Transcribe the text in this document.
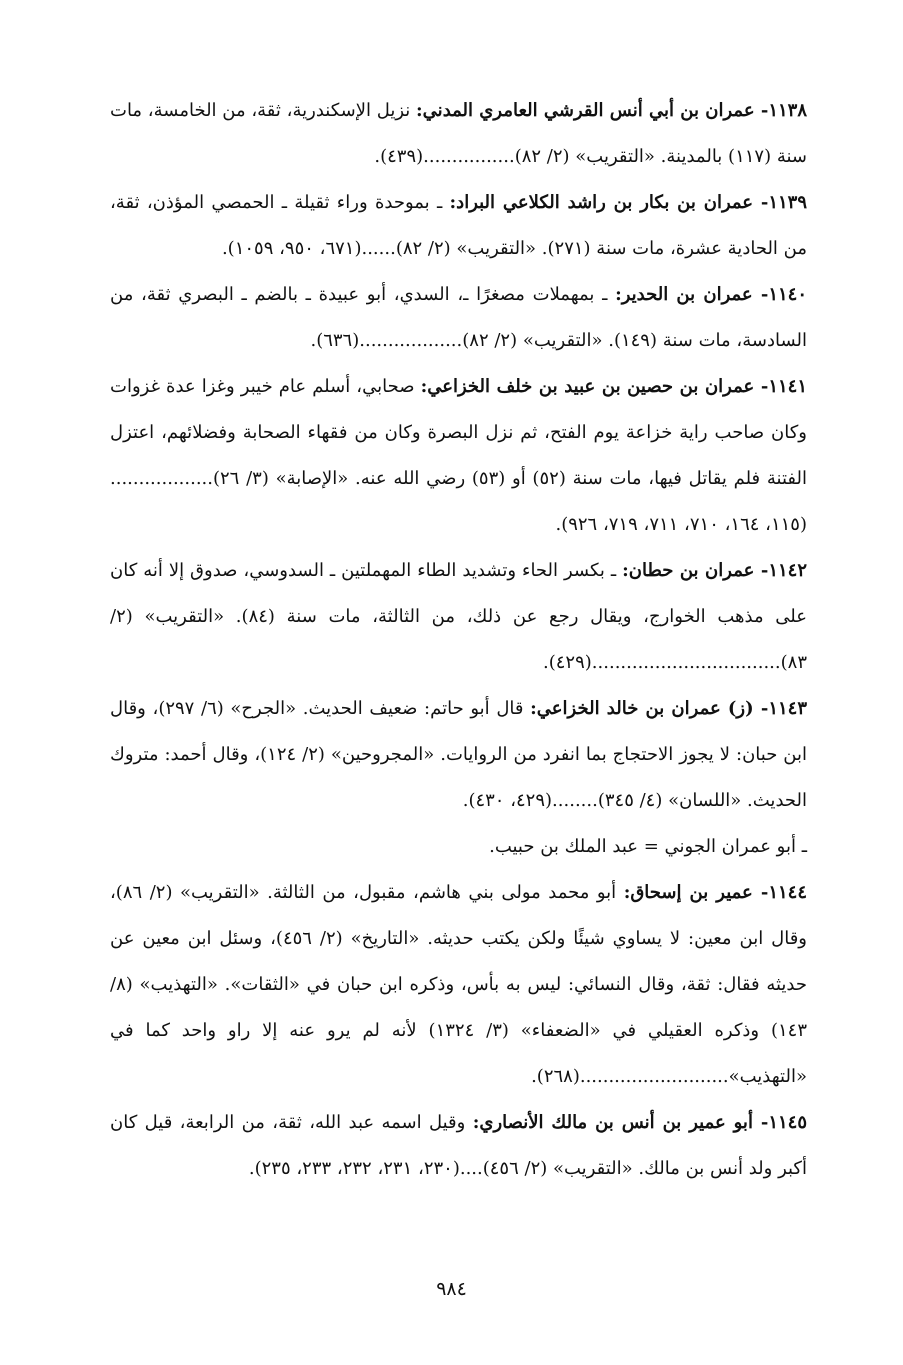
١١٣٨- عمران بن أبي أنس القرشي العامري المدني: نزيل الإسكندرية، ثقة، من الخامسة، مات سنة (١١٧) بالمدينة. «التقريب» (٢/ ٨٢)................(٤٣٩).

١١٣٩- عمران بن بكار بن راشد الكلاعي البراد: ـ بموحدة وراء ثقيلة ـ الحمصي المؤذن، ثقة، من الحادية عشرة، مات سنة (٢٧١). «التقريب» (٢/ ٨٢)......(٦٧١، ٩٥٠، ١٠٥٩).

١١٤٠- عمران بن الحدير: ـ بمهملات مصغرًا ـ، السدي، أبو عبيدة ـ بالضم ـ البصري ثقة، من السادسة، مات سنة (١٤٩). «التقريب» (٢/ ٨٢)..................(٦٣٦).

١١٤١- عمران بن حصين بن عبيد بن خلف الخزاعي: صحابي، أسلم عام خيبر وغزا عدة غزوات وكان صاحب راية خزاعة يوم الفتح، ثم نزل البصرة وكان من فقهاء الصحابة وفضلائهم، اعتزل الفتنة فلم يقاتل فيها، مات سنة (٥٢) أو (٥٣) رضي الله عنه. «الإصابة» (٣/ ٢٦)..................(١١٥، ١٦٤، ٧١٠، ٧١١، ٧١٩، ٩٢٦).

١١٤٢- عمران بن حطان: ـ بكسر الحاء وتشديد الطاء المهملتين ـ السدوسي، صدوق إلا أنه كان على مذهب الخوارج، ويقال رجع عن ذلك، من الثالثة، مات سنة (٨٤). «التقريب» (٢/ ٨٣).................................(٤٢٩).

١١٤٣- (ز) عمران بن خالد الخزاعي: قال أبو حاتم: ضعيف الحديث. «الجرح» (٦/ ٢٩٧)، وقال ابن حبان: لا يجوز الاحتجاج بما انفرد من الروايات. «المجروحين» (٢/ ١٢٤)، وقال أحمد: متروك الحديث. «اللسان» (٤/ ٣٤٥)........(٤٢٩، ٤٣٠).

ـ أبو عمران الجوني = عبد الملك بن حبيب.

١١٤٤- عمير بن إسحاق: أبو محمد مولى بني هاشم، مقبول، من الثالثة. «التقريب» (٢/ ٨٦)، وقال ابن معين: لا يساوي شيئًا ولكن يكتب حديثه. «التاريخ» (٢/ ٤٥٦)، وسئل ابن معين عن حديثه فقال: ثقة، وقال النسائي: ليس به بأس، وذكره ابن حبان في «الثقات». «التهذيب» (٨/ ١٤٣) وذكره العقيلي في «الضعفاء» (٣/ ١٣٢٤) لأنه لم يرو عنه إلا راو واحد كما في «التهذيب»..........................(٢٦٨).

١١٤٥- أبو عمير بن أنس بن مالك الأنصاري: وقيل اسمه عبد الله، ثقة، من الرابعة، قيل كان أكبر ولد أنس بن مالك. «التقريب» (٢/ ٤٥٦)....(٢٣٠، ٢٣١، ٢٣٢، ٢٣٣، ٢٣٥).

٩٨٤
